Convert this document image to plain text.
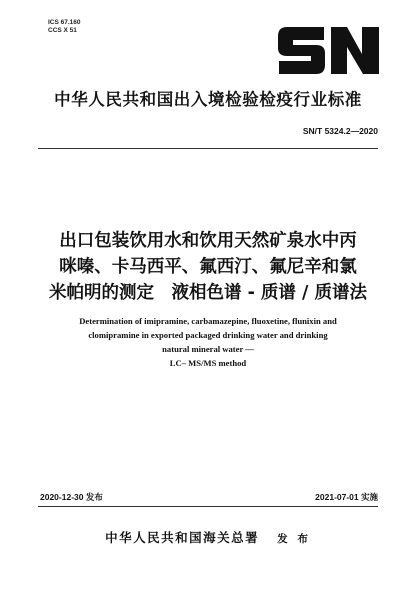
ICS 67.160
CCS X 51
SN
中华人民共和国出入境检验检疫行业标准
SN/T 5324.2—2020
出口包装饮用水和饮用天然矿泉水中丙
咪嗪、卡马西平、氟西汀、氟尼辛和氯
米帕明的测定　液相色谱 - 质谱 / 质谱法
Determination of imipramine, carbamazepine, fluoxetine, flunixin and
clomipramine in exported packaged drinking water and drinking
natural mineral water —
LC– MS/MS method
2020-12-30 发布	2021-07-01 实施
中华人民共和国海关总署 发 布
